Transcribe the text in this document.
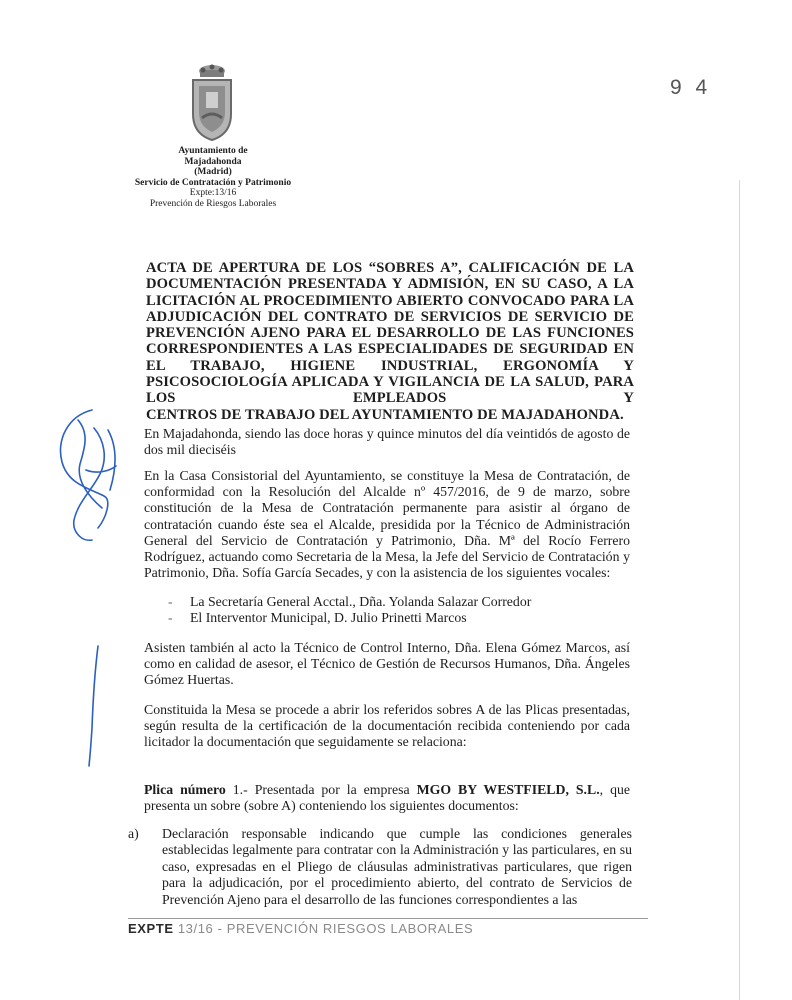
9 4
Ayuntamiento de
Majadahonda
(Madrid)
Servicio de Contratación y Patrimonio
Expte:13/16
Prevención de Riesgos Laborales
ACTA DE APERTURA DE LOS “SOBRES A”, CALIFICACIÓN DE LA DOCUMENTACIÓN PRESENTADA Y ADMISIÓN, EN SU CASO, A LA LICITACIÓN AL PROCEDIMIENTO ABIERTO CONVOCADO PARA LA ADJUDICACIÓN DEL CONTRATO DE SERVICIOS DE SERVICIO DE PREVENCIÓN AJENO PARA EL DESARROLLO DE LAS FUNCIONES CORRESPONDIENTES A LAS ESPECIALIDADES DE SEGURIDAD EN EL TRABAJO, HIGIENE INDUSTRIAL, ERGONOMÍA Y PSICOSOCIOLOGÍA APLICADA Y VIGILANCIA DE LA SALUD, PARA LOS EMPLEADOS Y
CENTROS DE TRABAJO DEL AYUNTAMIENTO DE MAJADAHONDA.
En Majadahonda, siendo las doce horas y quince minutos del día veintidós de agosto de dos mil dieciséis
En la Casa Consistorial del Ayuntamiento, se constituye la Mesa de Contratación, de conformidad con la Resolución del Alcalde nº 457/2016, de 9 de marzo, sobre constitución de la Mesa de Contratación permanente para asistir al órgano de contratación cuando éste sea el Alcalde, presidida por la Técnico de Administración General del Servicio de Contratación y Patrimonio, Dña. Mª del Rocío Ferrero Rodríguez, actuando como Secretaria de la Mesa, la Jefe del Servicio de Contratación y Patrimonio, Dña. Sofía García Secades, y con la asistencia de los siguientes vocales:
-	La Secretaría General Acctal., Dña. Yolanda Salazar Corredor
-	El Interventor Municipal, D. Julio Prinetti Marcos
Asisten también al acto la Técnico de Control Interno, Dña. Elena Gómez Marcos, así como en calidad de asesor, el Técnico de Gestión de Recursos Humanos, Dña. Ángeles Gómez Huertas.
Constituida la Mesa se procede a abrir los referidos sobres A de las Plicas presentadas, según resulta de la certificación de la documentación recibida conteniendo por cada licitador la documentación que seguidamente se relaciona:
Plica número 1.- Presentada por la empresa MGO BY WESTFIELD, S.L., que presenta un sobre (sobre A) conteniendo los siguientes documentos:
a)	Declaración responsable indicando que cumple las condiciones generales establecidas legalmente para contratar con la Administración y las particulares, en su caso, expresadas en el Pliego de cláusulas administrativas particulares, que rigen para la adjudicación, por el procedimiento abierto, del contrato de Servicios de Prevención Ajeno para el desarrollo de las funciones correspondientes a las
EXPTE 13/16 - PREVENCIÓN RIESGOS LABORALES
